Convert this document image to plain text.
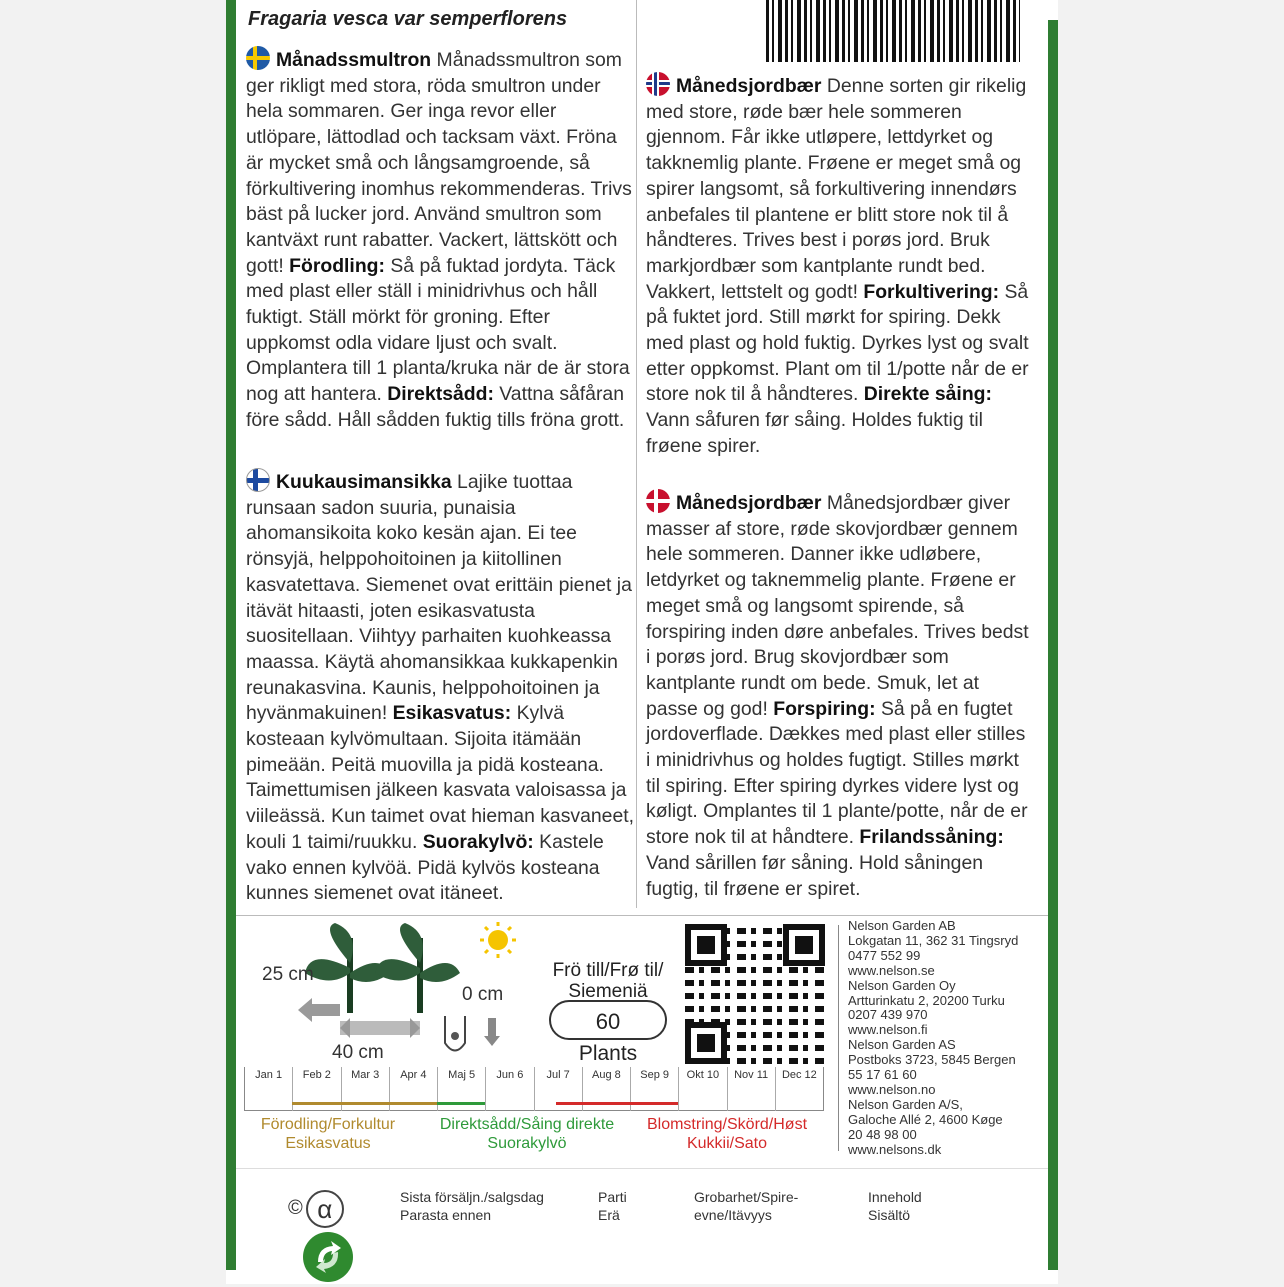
Fragaria vesca var semperflorens
Månadssmultron Månadssmultron som ger rikligt med stora, röda smultron under hela sommaren. Ger inga revor eller utlöpare, lättodlad och tacksam växt. Fröna är mycket små och långsamgroende, så förkultivering inomhus rekommenderas. Trivs bäst på lucker jord. Använd smultron som kantväxt runt rabatter. Vackert, lättskött och gott! Förodling: Så på fuktad jordyta. Täck med plast eller ställ i minidrivhus och håll fuktigt. Ställ mörkt för groning. Efter uppkomst odla vidare ljust och svalt. Omplantera till 1 planta/kruka när de är stora nog att hantera. Direktsådd: Vattna såfåran före sådd. Håll sådden fuktig tills fröna grott.
Kuukausimansikka Lajike tuottaa runsaan sadon suuria, punaisia ahomansikoita koko kesän ajan. Ei tee rönsyjä, helppohoitoinen ja kiitollinen kasvatettava. Siemenet ovat erittäin pienet ja itävät hitaasti, joten esikasvatusta suositellaan. Viihtyy parhaiten kuohkeassa maassa. Käytä ahomansikkaa kukkapenkin reunakasvina. Kaunis, helppohoitoinen ja hyvänmakuinen! Esikasvatus: Kylvä kosteaan kylvömultaan. Sijoita itämään pimeään. Peitä muovilla ja pidä kosteana. Taimettumisen jälkeen kasvata valoisassa ja viileässä. Kun taimet ovat hieman kasvaneet, kouli 1 taimi/ruukku. Suorakylvö: Kastele vako ennen kylvöä. Pidä kylvös kosteana kunnes siemenet ovat itäneet.
Månedsjordbær Denne sorten gir rikelig med store, røde bær hele sommeren gjennom. Får ikke utløpere, lettdyrket og takknemlig plante. Frøene er meget små og spirer langsomt, så forkultivering innendørs anbefales til plantene er blitt store nok til å håndteres. Trives best i porøs jord. Bruk markjordbær som kantplante rundt bed. Vakkert, lettstelt og godt! Forkultivering: Så på fuktet jord. Still mørkt for spiring. Dekk med plast og hold fuktig. Dyrkes lyst og svalt etter oppkomst. Plant om til 1/potte når de er store nok til å håndteres. Direkte såing: Vann såfuren før såing. Holdes fuktig til frøene spirer.
Månedsjordbær Månedsjordbær giver masser af store, røde skovjordbær gennem hele sommeren. Danner ikke udløbere, letdyrket og taknemmelig plante. Frøene er meget små og langsomt spirende, så forspiring inden døre anbefales. Trives bedst i porøs jord. Brug skovjordbær som kantplante rundt om bede. Smuk, let at passe og god! Forspiring: Så på en fugtet jordoverflade. Dækkes med plast eller stilles i minidrivhus og holdes fugtigt. Stilles mørkt til spiring. Efter spiring dyrkes videre lyst og køligt. Omplantes til 1 plante/potte, når de er store nok til at håndtere. Frilandssåning: Vand sårillen før såning. Hold såningen fugtig, til frøene er spiret.
25 cm
40 cm
0 cm
Frö till/Frø til/
Siemeniä
60
Plants
Nelson Garden AB
Lokgatan 11, 362 31 Tingsryd
0477 552 99
www.nelson.se
Nelson Garden Oy
Artturinkatu 2, 20200 Turku
0207 439 970
www.nelson.fi
Nelson Garden AS
Postboks 3723, 5845 Bergen
55 17 61 60
www.nelson.no
Nelson Garden A/S,
Galoche Allé 2, 4600 Køge
20 48 98 00
www.nelsons.dk
Jan 1	Feb 2	Mar 3	Apr 4	Maj 5	Jun 6	Jul 7	Aug 8	Sep 9	Okt 10	Nov 11	Dec 12
Förodling/Forkultur
Esikasvatus
Direktsådd/Såing direkte
Suorakylvö
Blomstring/Skörd/Høst
Kukkii/Sato
© α	Sista försäljn./salgsdag
Parasta ennen
Parti
Erä
Grobarhet/Spire-
evne/Itävyys
Innehold
Sisältö
